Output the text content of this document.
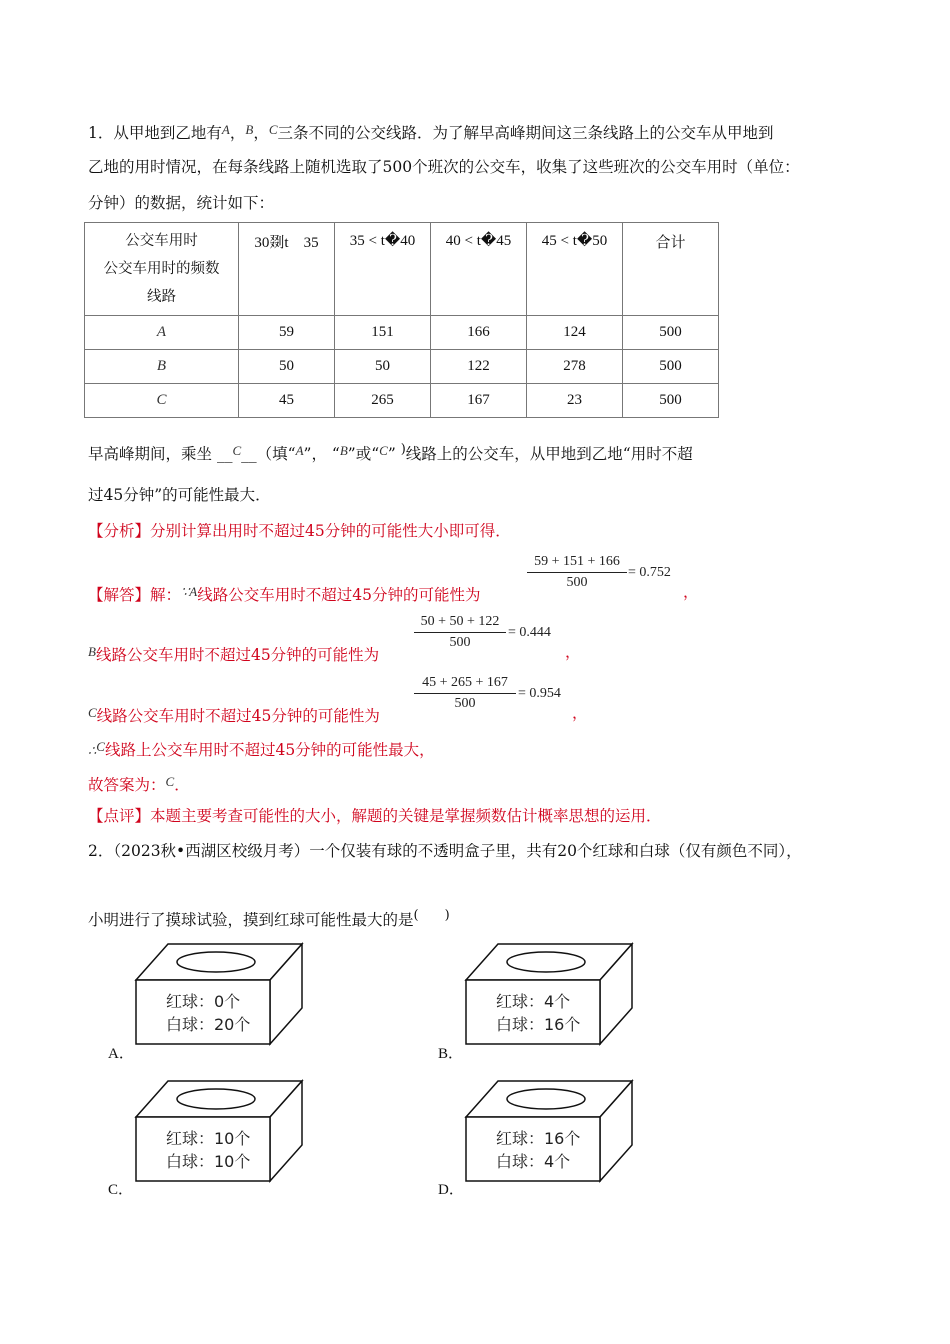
1．从甲地到乙地有$^A$，$^B$，$^C$三条不同的公交线路．为了解早高峰期间这三条线路上的公交车从甲地到
乙地的用时情况，在每条线路上随机选取了500个班次的公交车，收集了这些班次的公交车用时（单位：
分钟）的数据，统计如下：
公交车用时
公交车用时的频数
线路	30剟t　35	35 < t�40	40 < t�45	45 < t�50	合计
A	59	151	166	124	500
B	50	50	122	278	500
C	45	265	167	23	500
早高峰期间，乘坐 __$^C$__（填“$^A$”， “$^B$”或“$^C$” )线路上的公交车，从甲地到乙地“用时不超
过45分钟”的可能性最大．
【分析】分别计算出用时不超过45分钟的可能性大小即可得．
【解答】解：$^{\because A}$线路公交车用时不超过45分钟的可能性为
59 + 151 + 166
500
= 0.752
，
$^B$线路公交车用时不超过45分钟的可能性为
50 + 50 + 122
500
= 0.444
，
$^C$线路公交车用时不超过45分钟的可能性为
45 + 265 + 167
500
= 0.954
，
∴$^C$线路上公交车用时不超过45分钟的可能性最大，
故答案为：$^C$．
【点评】本题主要考查可能性的大小，解题的关键是掌握频数估计概率思想的运用．
2．（2023秋•西湖区校级月考）一个仅装有球的不透明盒子里，共有20个红球和白球（仅有颜色不同），
小明进行了摸球试验，摸到红球可能性最大的是(　　)
红球：0个
白球：20个
A．
红球：4个
白球：16个
B．
红球：10个
白球：10个
C．
红球：16个
白球：4个
D．
